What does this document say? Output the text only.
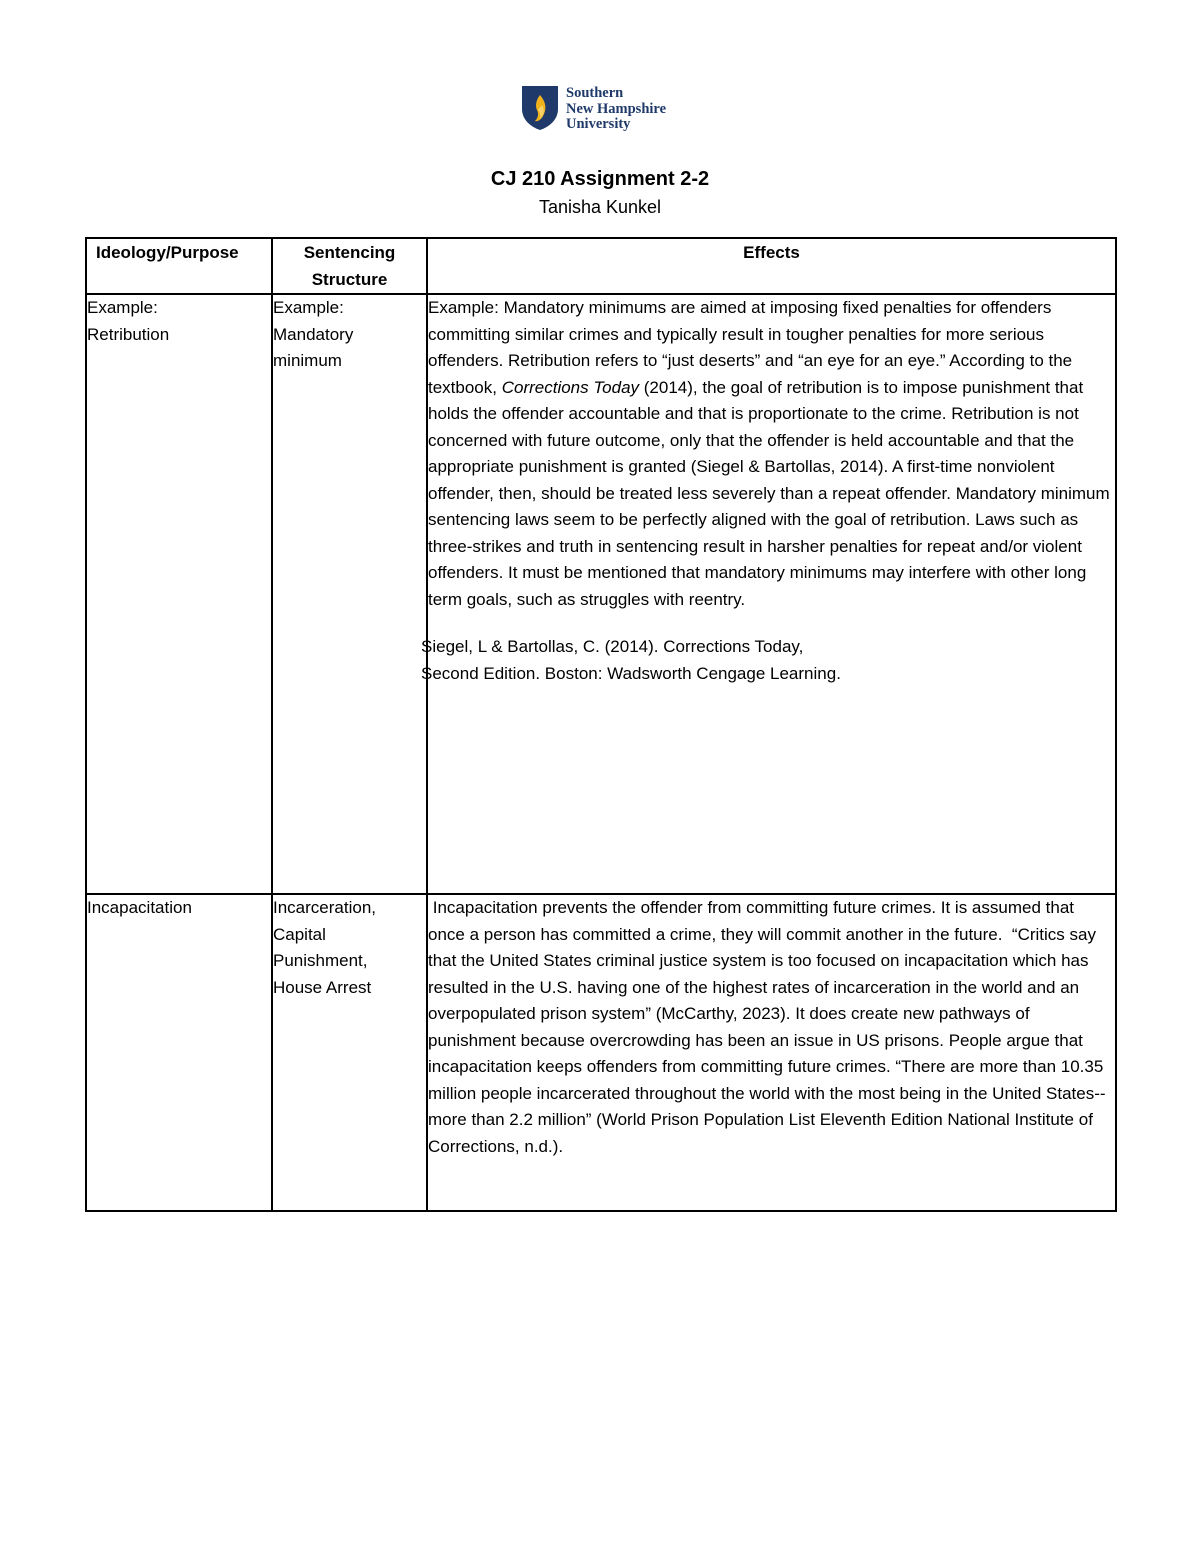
Southern
New Hampshire
University
CJ 210 Assignment 2-2
Tanisha Kunkel
Ideology/Purpose	Sentencing Structure	Effects

Example: Retribution	Example: Mandatory minimum	Example: Mandatory minimums are aimed at imposing fixed penalties for offenders committing similar crimes and typically result in tougher penalties for more serious offenders. Retribution refers to “just deserts” and “an eye for an eye.” According to the textbook, Corrections Today (2014), the goal of retribution is to impose punishment that holds the offender accountable and that is proportionate to the crime. Retribution is not concerned with future outcome, only that the offender is held accountable and that the appropriate punishment is granted (Siegel & Bartollas, 2014). A first-time nonviolent offender, then, should be treated less severely than a repeat offender. Mandatory minimum sentencing laws seem to be perfectly aligned with the goal of retribution. Laws such as three-strikes and truth in sentencing result in harsher penalties for repeat and/or violent offenders. It must be mentioned that mandatory minimums may interfere with other long term goals, such as struggles with reentry.

Siegel, L & Bartollas, C. (2014). Corrections Today,
Second Edition. Boston: Wadsworth Cengage Learning.

Incapacitation	Incarceration, Capital Punishment, House Arrest	Incapacitation prevents the offender from committing future crimes. It is assumed that once a person has committed a crime, they will commit another in the future.  “Critics say that the United States criminal justice system is too focused on incapacitation which has resulted in the U.S. having one of the highest rates of incarceration in the world and an overpopulated prison system” (McCarthy, 2023). It does create new pathways of punishment because overcrowding has been an issue in US prisons. People argue that incapacitation keeps offenders from committing future crimes. “There are more than 10.35 million people incarcerated throughout the world with the most being in the United States--more than 2.2 million” (World Prison Population List Eleventh Edition National Institute of Corrections, n.d.).
